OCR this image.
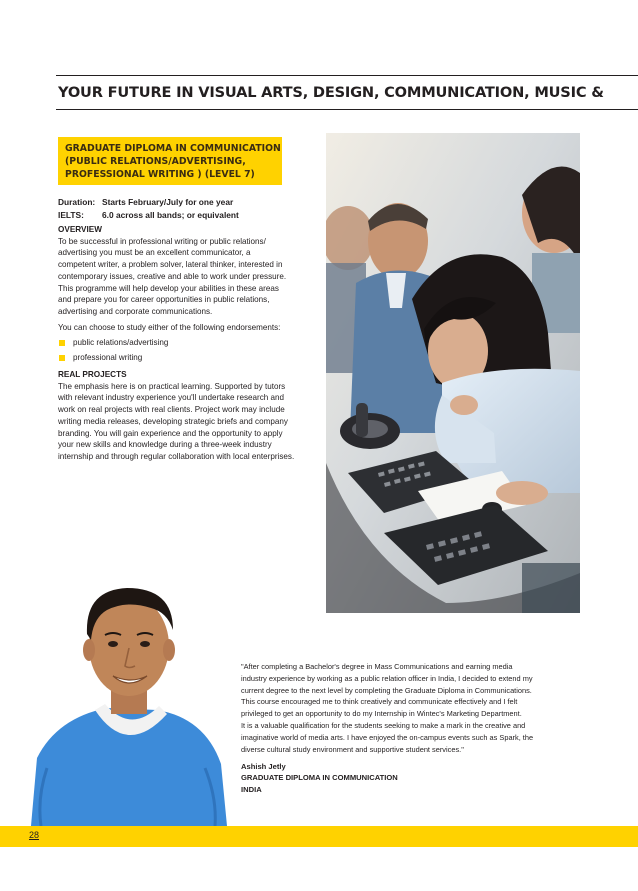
YOUR FUTURE IN VISUAL ARTS, DESIGN, COMMUNICATION, MUSIC &
GRADUATE DIPLOMA IN COMMUNICATION
(PUBLIC RELATIONS/ADVERTISING,
PROFESSIONAL WRITING ) (LEVEL 7)
Duration: Starts February/July for one year
IELTS:	6.0 across all bands; or equivalent
OVERVIEW

To be successful in professional writing or public relations/
advertising you must be an excellent communicator, a
competent writer, a problem solver, lateral thinker, interested in
contemporary issues, creative and able to work under pressure.
This programme will help develop your abilities in these areas
and prepare you for career opportunities in public relations,
advertising and corporate communications.

You can choose to study either of the following endorsements:
public relations/advertising
professional writing
REAL PROJECTS

The emphasis here is on practical learning. Supported by tutors
with relevant industry experience you'll undertake research and
work on real projects with real clients. Project work may include
writing media releases, developing strategic briefs and company
branding. You will gain experience and the opportunity to apply
your new skills and knowledge during a three-week industry
internship and through regular collaboration with local enterprises.

"After completing a Bachelor's degree in Mass Communications and earning media
industry experience by working as a public relation officer in India, I decided to extend my
current degree to the next level by completing the Graduate Diploma in Communications.
This course encouraged me to think creatively and communicate effectively and I felt
privileged to get an opportunity to do my Internship in Wintec's Marketing Department.
It is a valuable qualification for the students seeking to make a mark in the creative and
imaginative world of media arts. I have enjoyed the on-campus events such as Spark, the
diverse cultural study environment and supportive student services."
Ashish Jetly
GRADUATE DIPLOMA IN COMMUNICATION
INDIA
28
